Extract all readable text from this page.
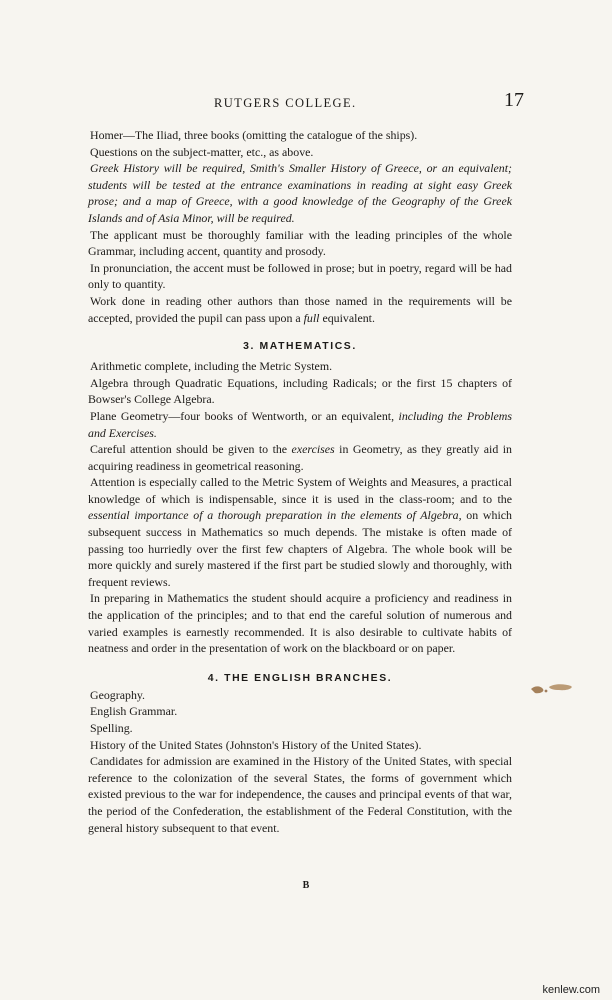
RUTGERS COLLEGE.	17

Homer—The Iliad, three books (omitting the catalogue of the ships).

Questions on the subject-matter, etc., as above.

Greek History will be required, Smith's Smaller History of Greece, or an equivalent; students will be tested at the entrance examinations in reading at sight easy Greek prose; and a map of Greece, with a good knowledge of the Geography of the Greek Islands and of Asia Minor, will be required.

The applicant must be thoroughly familiar with the leading principles of the whole Grammar, including accent, quantity and prosody.

In pronunciation, the accent must be followed in prose; but in poetry, regard will be had only to quantity.

Work done in reading other authors than those named in the requirements will be accepted, provided the pupil can pass upon a full equivalent.

3. MATHEMATICS.

Arithmetic complete, including the Metric System.

Algebra through Quadratic Equations, including Radicals; or the first 15 chapters of Bowser's College Algebra.

Plane Geometry—four books of Wentworth, or an equivalent, including the Problems and Exercises.

Careful attention should be given to the exercises in Geometry, as they greatly aid in acquiring readiness in geometrical reasoning.

Attention is especially called to the Metric System of Weights and Measures, a practical knowledge of which is indispensable, since it is used in the class-room; and to the essential importance of a thorough preparation in the elements of Algebra, on which subsequent success in Mathematics so much depends. The mistake is often made of passing too hurriedly over the first few chapters of Algebra. The whole book will be more quickly and surely mastered if the first part be studied slowly and thoroughly, with frequent reviews.

In preparing in Mathematics the student should acquire a proficiency and readiness in the application of the principles; and to that end the careful solution of numerous and varied examples is earnestly recommended. It is also desirable to cultivate habits of neatness and order in the presentation of work on the blackboard or on paper.

4. THE ENGLISH BRANCHES.

Geography.

English Grammar.

Spelling.

History of the United States (Johnston's History of the United States).

Candidates for admission are examined in the History of the United States, with special reference to the colonization of the several States, the forms of government which existed previous to the war for independence, the causes and principal events of that war, the period of the Confederation, the establishment of the Federal Constitution, with the general history subsequent to that event.

B
kenlew.com
